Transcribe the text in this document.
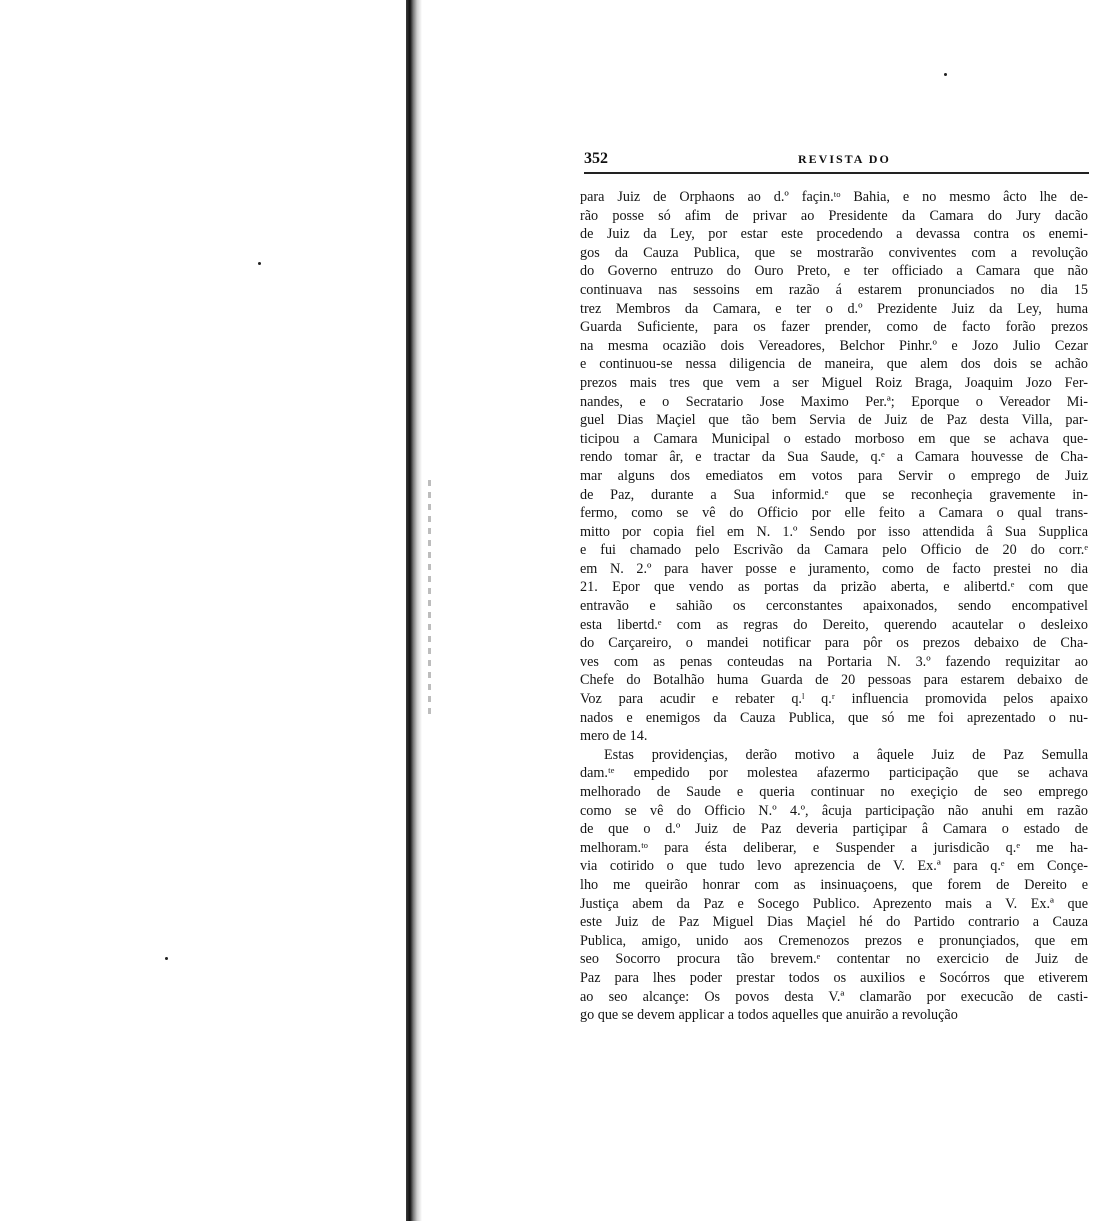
352	REVISTA DO

para Juiz de Orphaons ao d.º façin.ᵗᵒ Bahia, e no mesmo âcto lhe de-
rão posse só afim de privar ao Presidente da Camara do Jury dacão
de Juiz da Ley, por estar este procedendo a devassa contra os enemi-
gos da Cauza Publica, que se mostrarão conviventes com a revolução
do Governo entruzo do Ouro Preto, e ter officiado a Camara que não
continuava nas sessoins em razão á estarem pronunciados no dia 15
trez Membros da Camara, e ter o d.º Prezidente Juiz da Ley, huma
Guarda Suficiente, para os fazer prender, como de facto forão prezos
na mesma ocazião dois Vereadores, Belchor Pinhr.º e Jozo Julio Cezar
e continuou-se nessa diligencia de maneira, que alem dos dois se achão
prezos mais tres que vem a ser Miguel Roiz Braga, Joaquim Jozo Fer-
nandes, e o Secratario Jose Maximo Per.ª; Eporque o Vereador Mi-
guel Dias Maçiel que tão bem Servia de Juiz de Paz desta Villa, par-
ticipou a Camara Municipal o estado morboso em que se achava que-
rendo tomar âr, e tractar da Sua Saude, q.ᵉ a Camara houvesse de Cha-
mar alguns dos emediatos em votos para Servir o emprego de Juiz
de Paz, durante a Sua informid.ᵉ que se reconheçia gravemente in-
fermo, como se vê do Officio por elle feito a Camara o qual trans-
mitto por copia fiel em N. 1.º Sendo por isso attendida â Sua Supplica
e fui chamado pelo Escrivão da Camara pelo Officio de 20 do corr.ᵉ
em N. 2.º para haver posse e juramento, como de facto prestei no dia
21. Epor que vendo as portas da prizão aberta, e alibertd.ᵉ com que
entravão e sahião os cerconstantes apaixonados, sendo encompativel
esta libertd.ᵉ com as regras do Dereito, querendo acautelar o desleixo
do Carçareiro, o mandei notificar para pôr os prezos debaixo de Cha-
ves com as penas conteudas na Portaria N. 3.º fazendo requizitar ao
Chefe do Botalhão huma Guarda de 20 pessoas para estarem debaixo de
Voz para acudir e rebater q.ˡ q.ʳ influencia promovida pelos apaixo
nados e enemigos da Cauza Publica, que só me foi aprezentado o nu-
mero de 14.

Estas providençias, derão motivo a âquele Juiz de Paz Semulla
dam.ᵗᵉ empedido por molestea afazermo participação que se achava
melhorado de Saude e queria continuar no exeçiçio de seo emprego
como se vê do Officio N.º 4.º, âcuja participação não anuhi em razão
de que o d.º Juiz de Paz deveria partiçipar â Camara o estado de
melhoram.ᵗᵒ para ésta deliberar, e Suspender a jurisdicão q.ᵉ me ha-
via cotirido o que tudo levo aprezencia de V. Ex.ª para q.ᵉ em Conçe-
lho me queirão honrar com as insinuaçoens, que forem de Dereito e
Justiça abem da Paz e Socego Publico. Aprezento mais a V. Ex.ª que
este Juiz de Paz Miguel Dias Maçiel hé do Partido contrario a Cauza
Publica, amigo, unido aos Cremenozos prezos e pronunçiados, que em
seo Socorro procura tão brevem.ᵉ contentar no exercicio de Juiz de
Paz para lhes poder prestar todos os auxilios e Socórros que etiverem
ao seo alcançe: Os povos desta V.ª clamarão por execucão de casti-
go que se devem applicar a todos aquelles que anuirão a revolução
